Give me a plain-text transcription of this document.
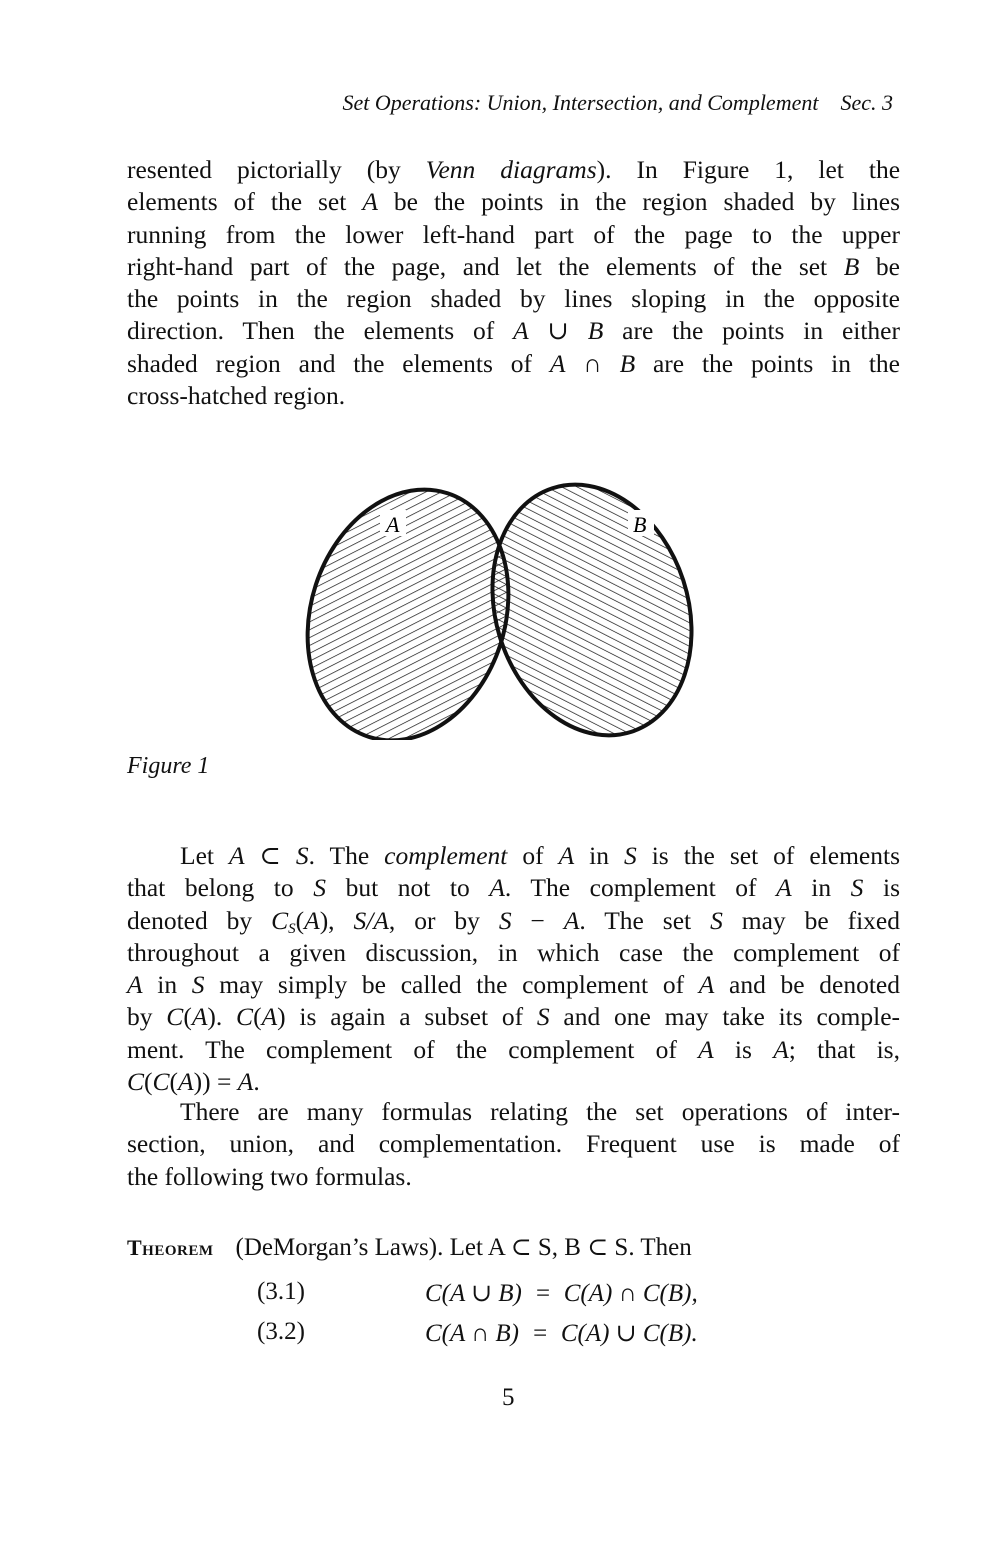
Set Operations: Union, Intersection, and Complement Sec. 3
resented pictorially (by Venn diagrams). In Figure 1, let the
elements of the set A be the points in the region shaded by lines
running from the lower left-hand part of the page to the upper
right-hand part of the page, and let the elements of the set B be
the points in the region shaded by lines sloping in the opposite
direction. Then the elements of A ∪ B are the points in either
shaded region and the elements of A ∩ B are the points in the
cross-hatched region.
A	B
Figure 1
Let A ⊂ S. The complement of A in S is the set of elements
that belong to S but not to A. The complement of A in S is
denoted by $C_S(A)$, S/A, or by S − A. The set S may be fixed
throughout a given discussion, in which case the complement of
A in S may simply be called the complement of A and be denoted
by C(A). C(A) is again a subset of S and one may take its comple-
ment. The complement of the complement of A is A; that is,
C(C(A)) = A.
There are many formulas relating the set operations of inter-
section, union, and complementation. Frequent use is made of
the following two formulas.
Theorem (DeMorgan’s Laws). Let A ⊂ S, B ⊂ S. Then
(3.1)	C(A ∪ B)  =  C(A) ∩ C(B),
(3.2)	C(A ∩ B)  =  C(A) ∪ C(B).
5
